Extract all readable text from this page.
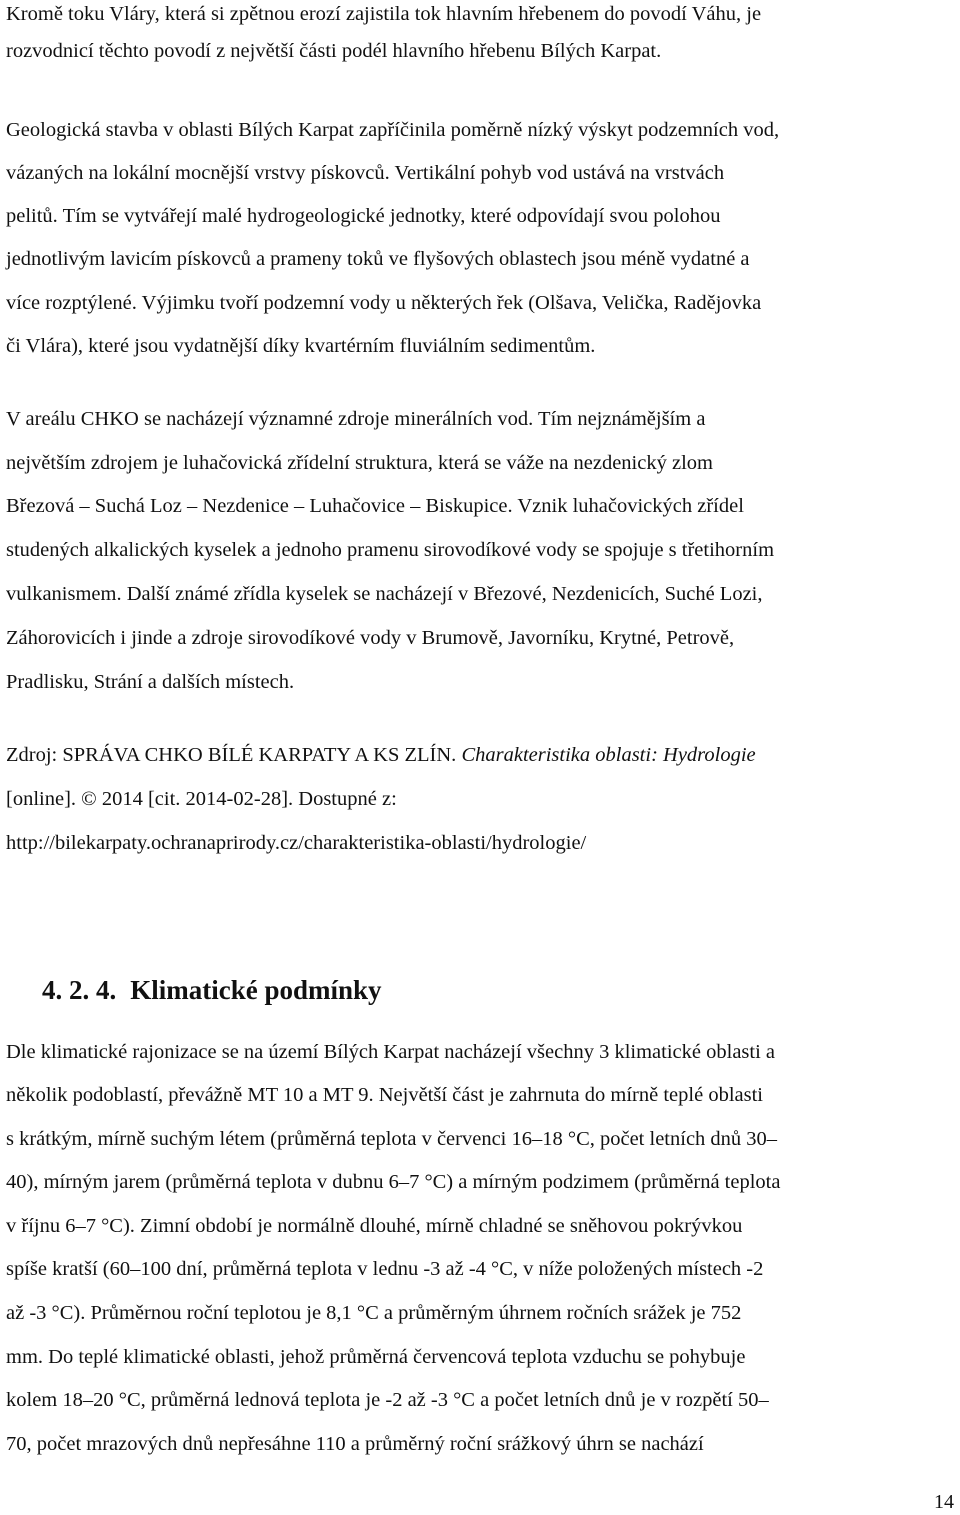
Kromě toku Vláry, která si zpětnou erozí zajistila tok hlavním hřebenem do povodí Váhu, je
rozvodnicí těchto povodí z největší části podél hlavního hřebenu Bílých Karpat.
Geologická stavba v oblasti Bílých Karpat zapříčinila poměrně nízký výskyt podzemních vod,
vázaných na lokální mocnější vrstvy pískovců. Vertikální pohyb vod ustává na vrstvách
pelitů. Tím se vytvářejí malé hydrogeologické jednotky, které odpovídají svou polohou
jednotlivým lavicím pískovců a prameny toků ve flyšových oblastech jsou méně vydatné a
více rozptýlené. Výjimku tvoří podzemní vody u některých řek (Olšava, Velička, Radějovka
či Vlára), které jsou vydatnější díky kvartérním fluviálním sedimentům.
V areálu CHKO se nacházejí významné zdroje minerálních vod. Tím nejznámějším a
největším zdrojem je luhačovická zřídelní struktura, která se váže na nezdenický zlom
Březová – Suchá Loz – Nezdenice – Luhačovice – Biskupice. Vznik luhačovických zřídel
studených alkalických kyselek a jednoho pramenu sirovodíkové vody se spojuje s třetihorním
vulkanismem. Další známé zřídla kyselek se nacházejí v Březové, Nezdenicích, Suché Lozi,
Záhorovicích i jinde a zdroje sirovodíkové vody v Brumově, Javorníku, Krytné, Petrově,
Pradlisku, Strání a dalších místech.
Zdroj: SPRÁVA CHKO BÍLÉ KARPATY A KS ZLÍN. Charakteristika oblasti: Hydrologie
[online]. © 2014 [cit. 2014-02-28]. Dostupné z:
http://bilekarpaty.ochranaprirody.cz/charakteristika-oblasti/hydrologie/
4. 2. 4. Klimatické podmínky
Dle klimatické rajonizace se na území Bílých Karpat nacházejí všechny 3 klimatické oblasti a
několik podoblastí, převážně MT 10 a MT 9. Největší část je zahrnuta do mírně teplé oblasti
s krátkým, mírně suchým létem (průměrná teplota v červenci 16–18 °C, počet letních dnů 30–
40), mírným jarem (průměrná teplota v dubnu 6–7 °C) a mírným podzimem (průměrná teplota
v říjnu 6–7 °C). Zimní období je normálně dlouhé, mírně chladné se sněhovou pokrývkou
spíše kratší (60–100 dní, průměrná teplota v lednu -3 až -4 °C, v níže položených místech -2
až -3 °C). Průměrnou roční teplotou je 8,1 °C a průměrným úhrnem ročních srážek je 752
mm. Do teplé klimatické oblasti, jehož průměrná červencová teplota vzduchu se pohybuje
kolem 18–20 °C, průměrná lednová teplota je -2 až -3 °C a počet letních dnů je v rozpětí 50–
70, počet mrazových dnů nepřesáhne 110 a průměrný roční srážkový úhrn se nachází
14
